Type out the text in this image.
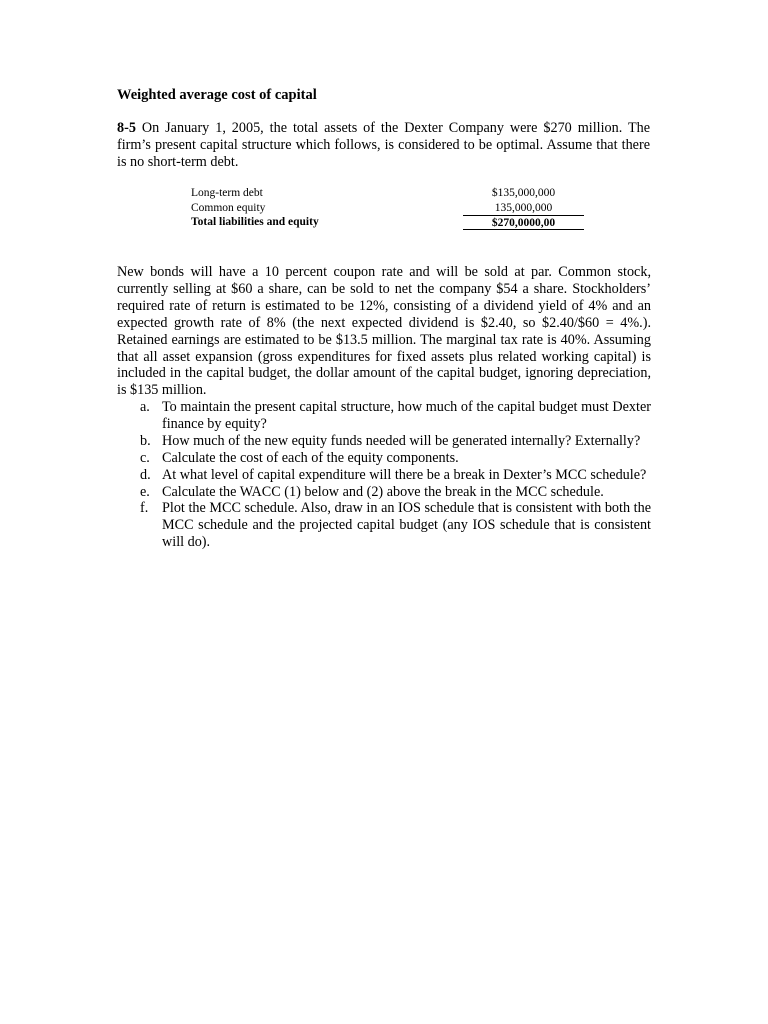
Weighted average cost of capital
8-5 On January 1, 2005, the total assets of the Dexter Company were $270 million. The firm’s present capital structure which follows, is considered to be optimal. Assume that there is no short-term debt.
Long-term debt	$135,000,000
Common equity	135,000,000
Total liabilities and equity	$270,0000,00
New bonds will have a 10 percent coupon rate and will be sold at par. Common stock, currently selling at $60 a share, can be sold to net the company $54 a share. Stockholders’ required rate of return is estimated to be 12%, consisting of a dividend yield of 4% and an expected growth rate of 8% (the next expected dividend is $2.40, so $2.40/$60 = 4%.). Retained earnings are estimated to be $13.5 million. The marginal tax rate is 40%. Assuming that all asset expansion (gross expenditures for fixed assets plus related working capital) is included in the capital budget, the dollar amount of the capital budget, ignoring depreciation, is $135 million.
a. To maintain the present capital structure, how much of the capital budget must Dexter finance by equity?
b. How much of the new equity funds needed will be generated internally? Externally?
c. Calculate the cost of each of the equity components.
d. At what level of capital expenditure will there be a break in Dexter’s MCC schedule?
e. Calculate the WACC (1) below and (2) above the break in the MCC schedule.
f. Plot the MCC schedule. Also, draw in an IOS schedule that is consistent with both the MCC schedule and the projected capital budget (any IOS schedule that is consistent will do).
